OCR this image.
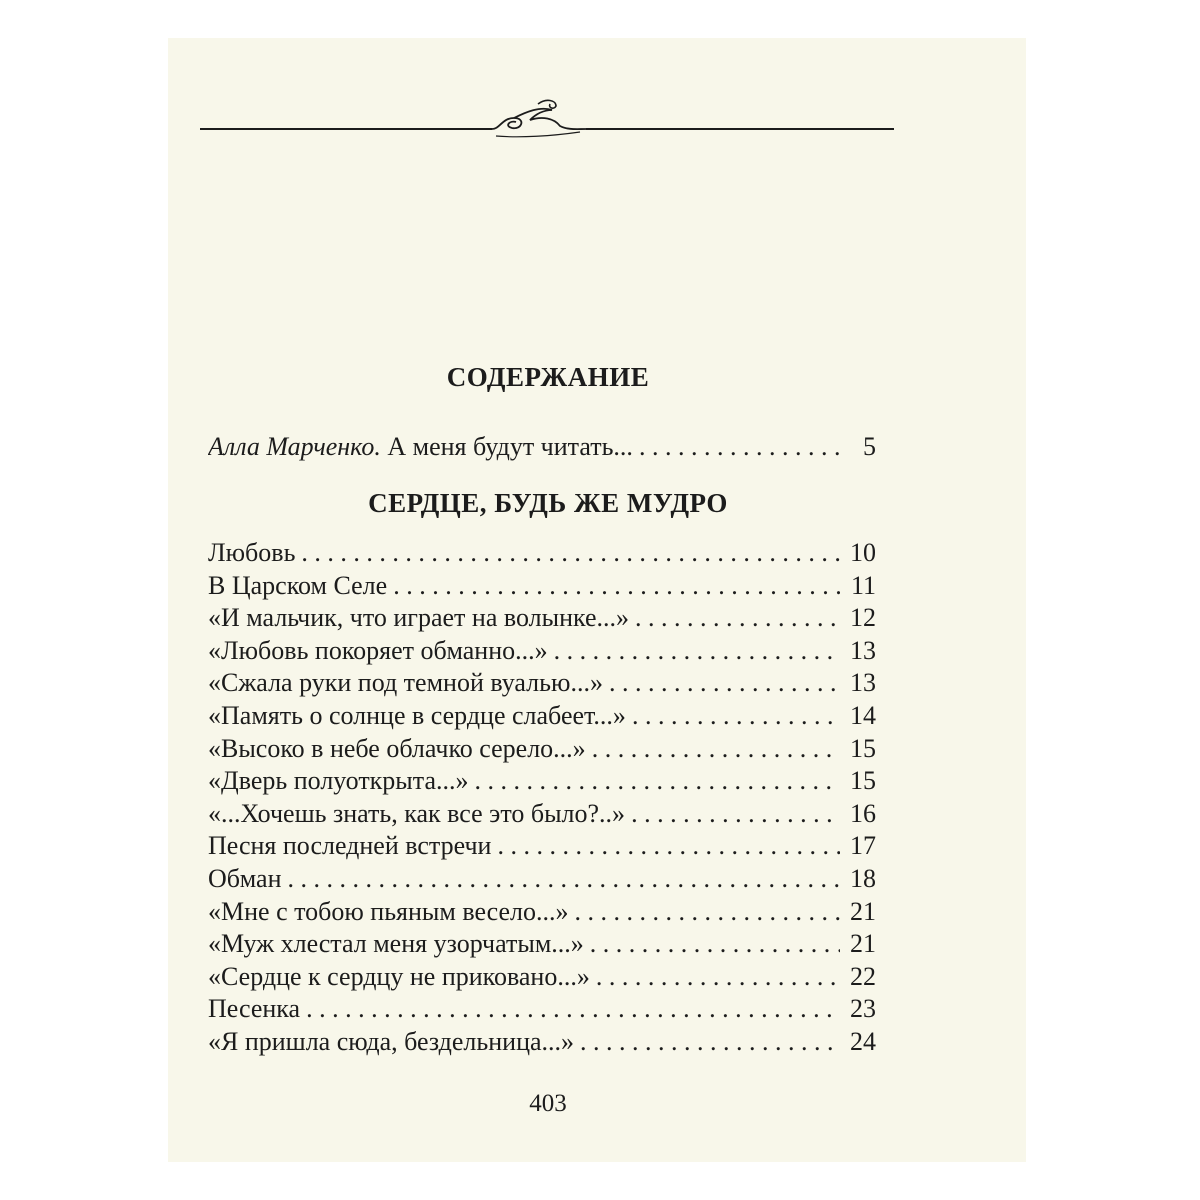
СОДЕРЖАНИЕ
Алла Марченко. А меня будут читать... . . .	5
СЕРДЦЕ, БУДЬ ЖЕ МУДРО
Любовь . . .	10
В Царском Селе . . .	11
«И мальчик, что играет на волынке...» . . .	12
«Любовь покоряет обманно...» . . .	13
«Сжала руки под темной вуалью...» . . .	13
«Память о солнце в сердце слабеет...» . . .	14
«Высоко в небе облачко серело...» . . .	15
«Дверь полуоткрыта...» . . .	15
«...Хочешь знать, как все это было?..» . . .	16
Песня последней встречи . . .	17
Обман . . .	18
«Мне с тобою пьяным весело...» . . .	21
«Муж хлестал меня узорчатым...» . . .	21
«Сердце к сердцу не приковано...» . . .	22
Песенка . . .	23
«Я пришла сюда, бездельница...» . . .	24
403
